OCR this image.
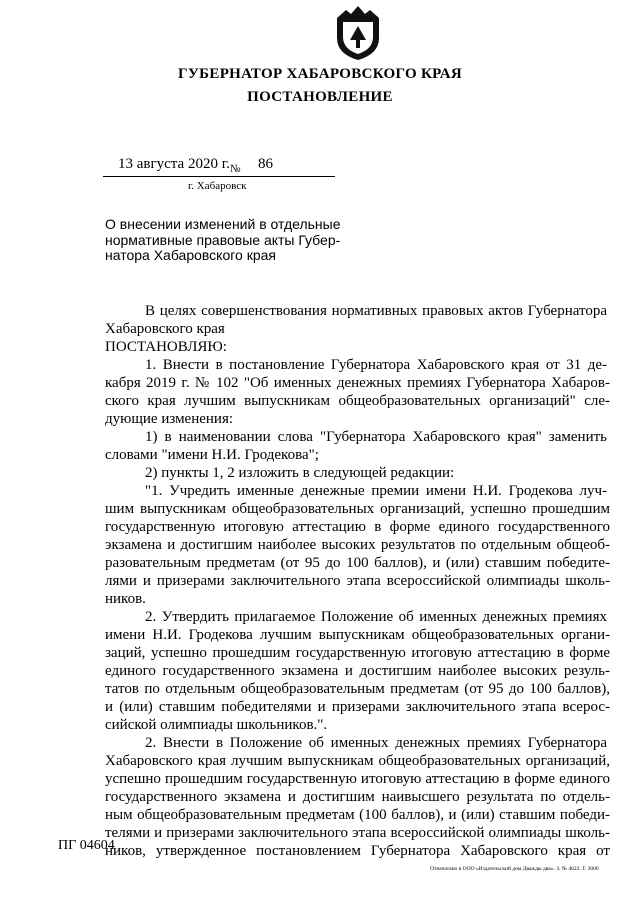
ГУБЕРНАТОР ХАБАРОВСКОГО КРАЯ
ПОСТАНОВЛЕНИЕ
13 августа 2020 г. № 86
г. Хабаровск
О внесении изменений в отдельные
нормативные правовые акты Губер-
натора Хабаровского края
В целях совершенствования нормативных правовых актов Губернатора
Хабаровского края
ПОСТАНОВЛЯЮ:
1. Внести в постановление Губернатора Хабаровского края от 31 де-
кабря 2019 г. № 102 "Об именных денежных премиях Губернатора Хабаров-
ского края лучшим выпускникам общеобразовательных организаций" сле-
дующие изменения:
1) в наименовании слова "Губернатора Хабаровского края" заменить
словами "имени Н.И. Гродекова";
2) пункты 1, 2 изложить в следующей редакции:
"1. Учредить именные денежные премии имени Н.И. Гродекова луч-
шим выпускникам общеобразовательных организаций, успешно прошедшим
государственную итоговую аттестацию в форме единого государственного
экзамена и достигшим наиболее высоких результатов по отдельным общеоб-
разовательным предметам (от 95 до 100 баллов), и (или) ставшим победите-
лями и призерами заключительного этапа всероссийской олимпиады школь-
ников.
2. Утвердить прилагаемое Положение об именных денежных премиях
имени Н.И. Гродекова лучшим выпускникам общеобразовательных органи-
заций, успешно прошедшим государственную итоговую аттестацию в форме
единого государственного экзамена и достигшим наиболее высоких резуль-
татов по отдельным общеобразовательным предметам (от 95 до 100 баллов),
и (или) ставшим победителями и призерами заключительного этапа всерос-
сийской олимпиады школьников.".
2. Внести в Положение об именных денежных премиях Губернатора
Хабаровского края лучшим выпускникам общеобразовательных организаций,
успешно прошедшим государственную итоговую аттестацию в форме единого
государственного экзамена и достигшим наивысшего результата по отдель-
ным общеобразовательным предметам (100 баллов), и (или) ставшим победи-
телями и призерами заключительного этапа всероссийской олимпиады школь-
ников, утвержденное постановлением Губернатора Хабаровского края от
ПГ 04604
Отпечатано в ООО «Издательский дом Дважды два». З. № 4622. Т. 3000
